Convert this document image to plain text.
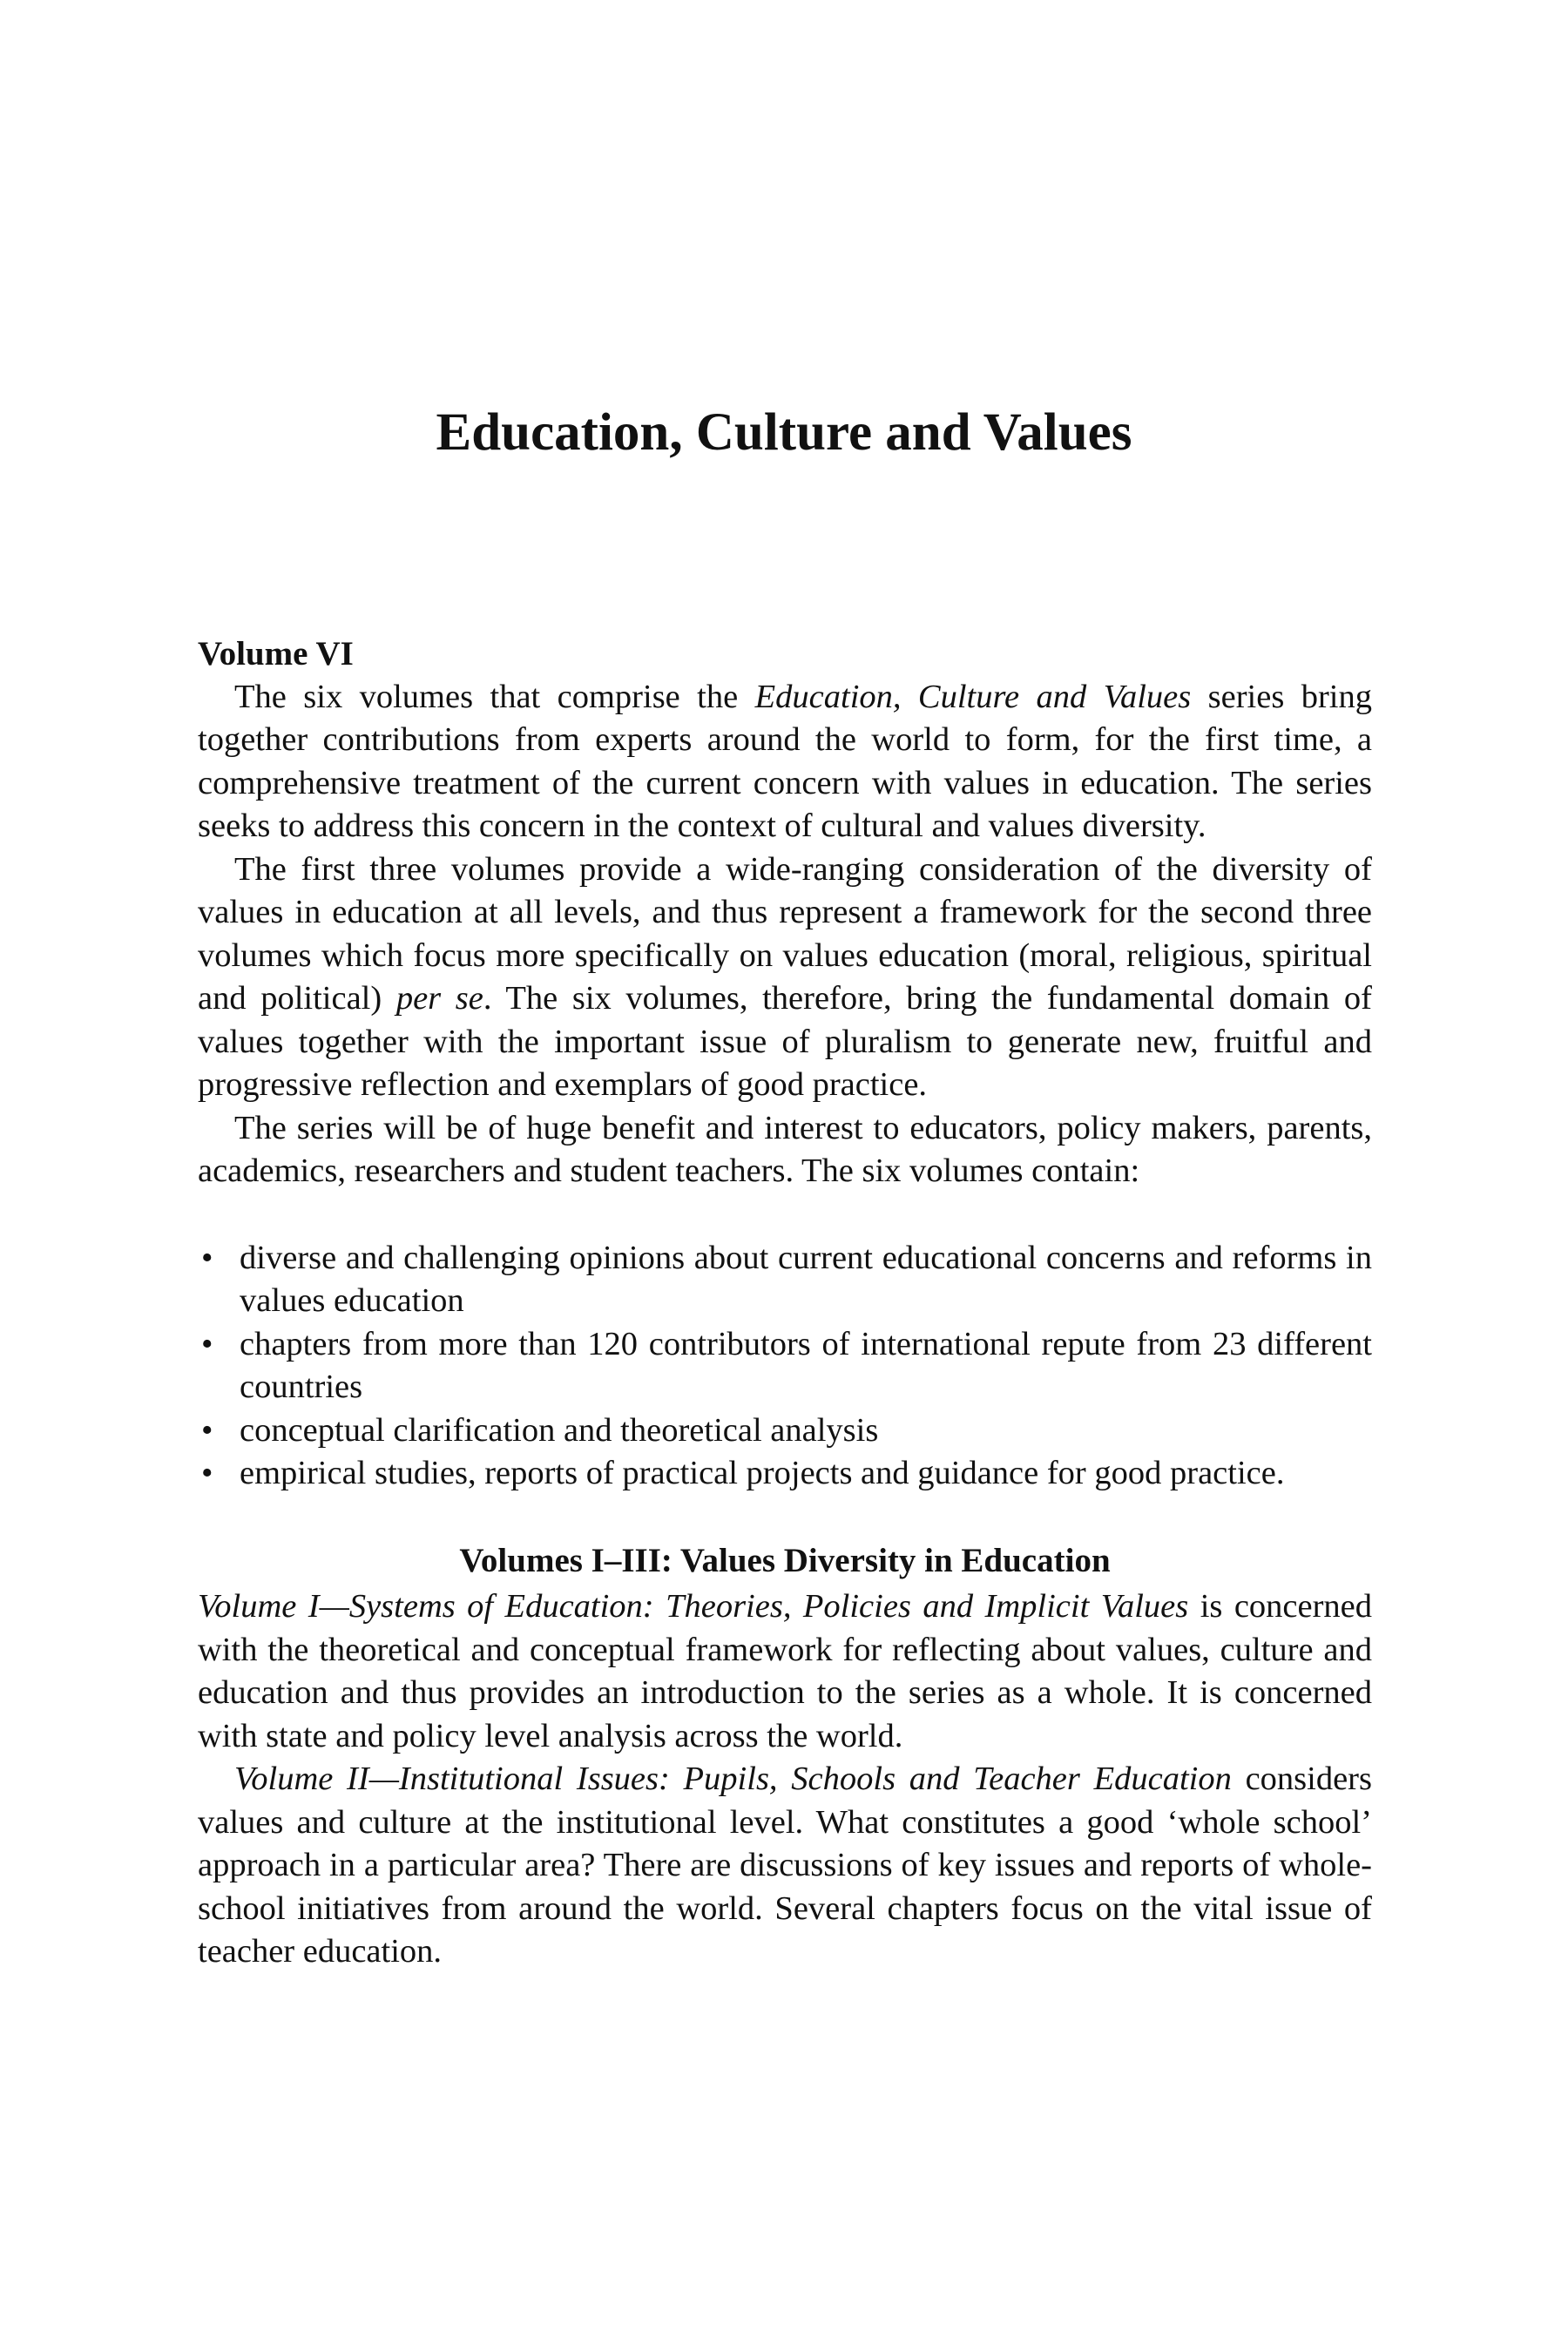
Education, Culture and Values
Volume VI

The six volumes that comprise the Education, Culture and Values series bring together contributions from experts around the world to form, for the first time, a comprehensive treatment of the current concern with values in education. The series seeks to address this concern in the context of cultural and values diversity.

The first three volumes provide a wide-ranging consideration of the diversity of values in education at all levels, and thus represent a framework for the second three volumes which focus more specifically on values education (moral, religious, spiritual and political) per se. The six volumes, therefore, bring the fundamental domain of values together with the important issue of pluralism to generate new, fruitful and progressive reflection and exemplars of good practice.

The series will be of huge benefit and interest to educators, policy makers, parents, academics, researchers and student teachers. The six volumes contain:

• diverse and challenging opinions about current educational concerns and reforms in values education
• chapters from more than 120 contributors of international repute from 23 different countries
• conceptual clarification and theoretical analysis
• empirical studies, reports of practical projects and guidance for good practice.
Volumes I–III: Values Diversity in Education

Volume I—Systems of Education: Theories, Policies and Implicit Values is concerned with the theoretical and conceptual framework for reflecting about values, culture and education and thus provides an introduction to the series as a whole. It is concerned with state and policy level analysis across the world.

Volume II—Institutional Issues: Pupils, Schools and Teacher Education considers values and culture at the institutional level. What constitutes a good ‘whole school’ approach in a particular area? There are discussions of key issues and reports of whole-school initiatives from around the world. Several chapters focus on the vital issue of teacher education.
